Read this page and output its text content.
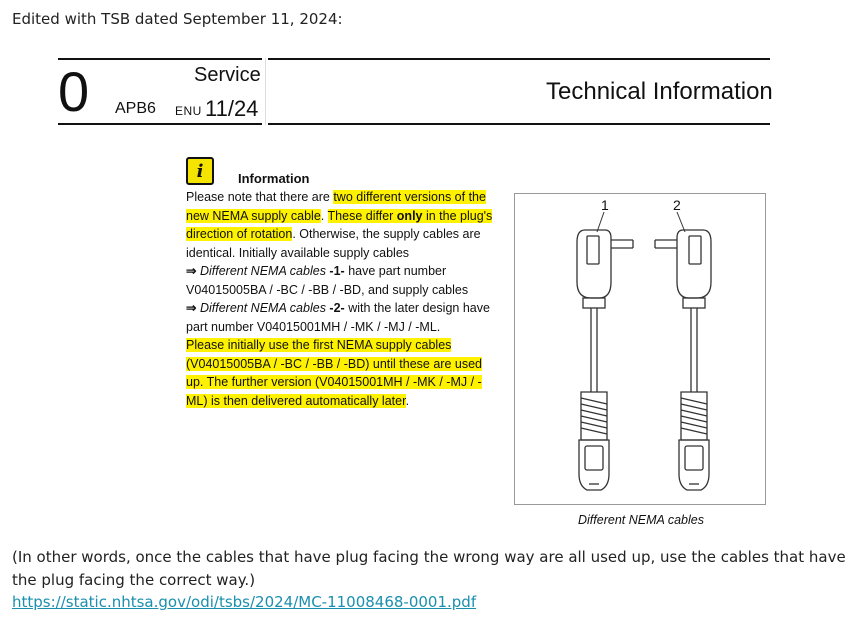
Edited with TSB dated September 11, 2024:
0	Service
APB6 ENU 11/24
Technical Information
i	Information
Please note that there are two different versions of the new NEMA supply cable. These differ only in the plug's direction of rotation. Otherwise, the supply cables are identical. Initially available supply cables
⇒ Different NEMA cables -1- have part number V04015005BA / -BC / -BB / -BD, and supply cables
⇒ Different NEMA cables -2- with the later design have part number V04015001MH / -MK / -MJ / -ML.
Please initially use the first NEMA supply cables (V04015005BA / -BC / -BB / -BD) until these are used up. The further version (V04015001MH / -MK / -MJ / -ML) is then delivered automatically later.
1	2
Different NEMA cables
(In other words, once the cables that have plug facing the wrong way are all used up, use the cables that have the plug facing the correct way.)
https://static.nhtsa.gov/odi/tsbs/2024/MC-11008468-0001.pdf
